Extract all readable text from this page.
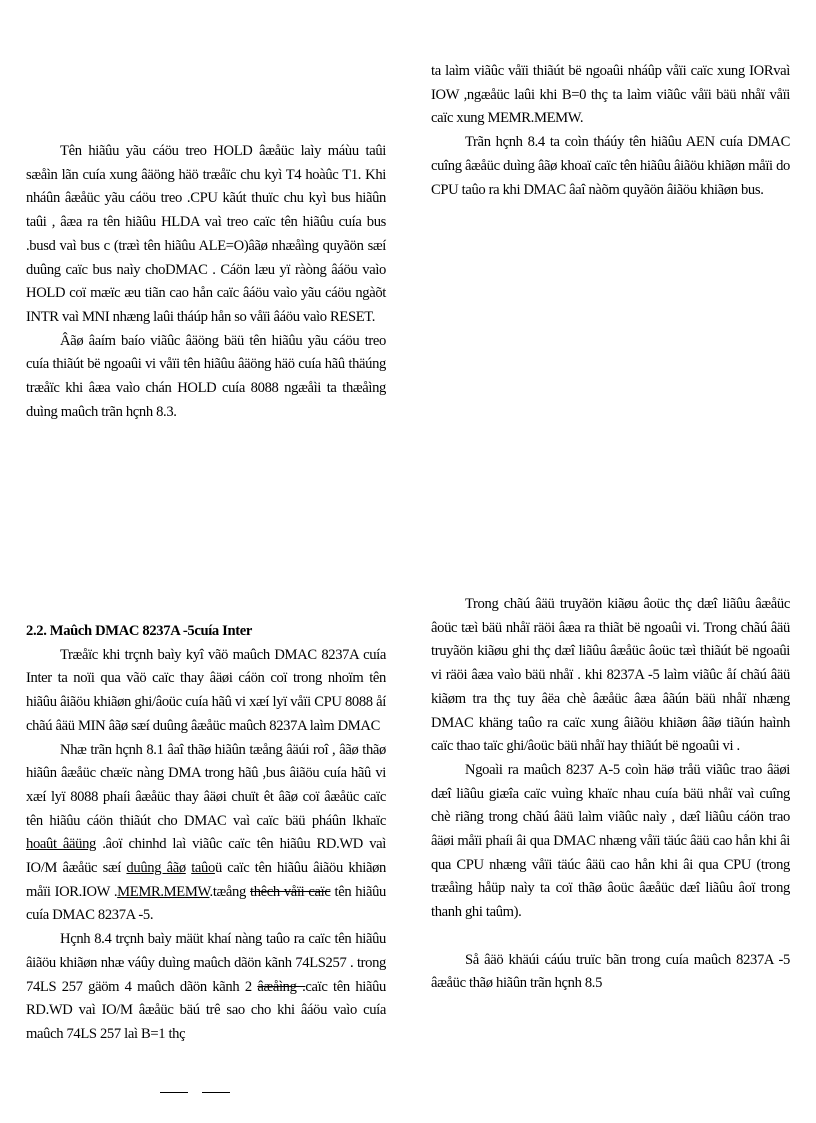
Tên hiãûu yãu cáöu treo HOLD âæåüc laìy máùu taûi sæåìn lãn cuía xung âäöng häö træåïc chu kyì T4 hoàûc T1. Khi nháûn âæåüc yãu cáöu treo .CPU kãút thuïc chu kyì bus hiãûn taûi , âæa ra tên hiãûu HLDA vaì treo caïc tên hiãûu cuía bus .busd vaì bus c (træì tên hiãûu ALE=O)âãø nhæåìng quyãön sæí duûng caïc bus naìy choDMAC . Cáön læu yï ràòng âáöu vaìo HOLD coï mæïc æu tiãn cao hån caïc âáöu vaìo yãu cáöu ngàõt INTR vaì MNI nhæng laûi tháúp hån so våïi âáöu vaìo RESET.

Âãø âaím baío viãûc âäöng bäü tên hiãûu yãu cáöu treo cuía thiãút bë ngoaûi vi våïi tên hiãûu âäöng häö cuía hãû thäúng træåïc khi âæa vaìo chán HOLD cuía 8088 ngæåìi ta thæåìng duìng maûch trãn hçnh 8.3.

ta laìm viãûc våïi thiãút bë ngoaûi nháûp våïi caïc xung IORvaì IOW ,ngæåüc laûi khi B=0 thç ta laìm viãûc våïi bäü nhåï våïi caïc xung MEMR.MEMW.

Trãn hçnh 8.4 ta coìn tháúy tên hiãûu AEN cuía DMAC cuîng âæåüc duìng âãø khoaï caïc tên hiãûu âiãöu khiãøn måïi do CPU taûo ra khi DMAC âaî nàõm quyãön âiãöu khiãøn bus.

2.2. Maûch DMAC 8237A -5cuía Inter

Træåïc khi trçnh baìy kyî vãö maûch DMAC 8237A cuía Inter ta noïi qua vãö caïc thay âäøi cáön coï trong nhoïm tên hiãûu âiãöu khiãøn ghi/âoüc cuía hãû vi xæí lyï våïi CPU 8088 åí chãú âäü MIN âãø sæí duûng âæåüc maûch 8237A laìm DMAC

Nhæ trãn hçnh 8.1 âaî thãø hiãûn tæång âäúi roî , âãø thãø hiãûn âæåüc chæïc nàng DMA trong hãû ,bus âiãöu cuía hãû vi xæí lyï 8088 phaíi âæåüc thay âäøi chuït êt âãø coï âæåüc caïc tên hiãûu cáön thiãút cho DMAC vaì caïc bäü pháûn lkhaïc hoaût âäüng .âoï chinhd laì viãûc caïc tên hiãûu RD.WD vaì IO/M âæåüc sæí duûng âãø taûoü caïc tên hiãûu âiãöu khiãøn måïi IOR.IOW .MEMR.MEMW.tæång thêch våïi caïc tên hiãûu cuía DMAC 8237A -5.

Hçnh 8.4 trçnh baìy mäüt khaí nàng taûo ra caïc tên hiãûu âiãöu khiãøn nhæ váûy duìng maûch dãön kãnh 74LS257 . trong 74LS 257 gäöm 4 maûch dãön kãnh 2 âæåìng .caïc tên hiãûu RD.WD vaì IO/M âæåüc bäú trê sao cho khi âáöu vaìo cuía maûch 74LS 257 laì B=1 thç

Trong chãú âäü truyãön kiãøu âoüc thç dæî liãûu âæåüc âoüc tæì bäü nhåï räöi âæa ra thiãt bë ngoaûi vi. Trong chãú âäü truyãön kiãøu ghi thç dæî liãûu âæåüc âoüc tæì thiãút bë ngoaûi vi räöi âæa vaìo bäü nhåï . khi 8237A -5 laìm viãûc åí chãú âäü kiãøm tra thç tuy âëa chè âæåüc âæa âãún bäü nhåï nhæng DMAC khäng taûo ra caïc xung âiãöu khiãøn âãø tiãún haình caïc thao taïc ghi/âoüc bäü nhåï hay thiãút bë ngoaûi vi .

Ngoaìi ra maûch 8237 A-5 coìn häø tråü viãûc trao âäøi dæî liãûu giæîa caïc vuìng khaïc nhau cuía bäü nhåï vaì cuîng chè riãng trong chãú âäü laìm viãûc naìy , dæî liãûu cáön trao âäøi måïi phaíi âi qua DMAC nhæng våïi täúc âäü cao hån khi âi qua CPU nhæng våïi täúc âäü cao hån khi âi qua CPU (trong træåìng håüp naìy ta coï thãø âoüc âæåüc dæî liãûu âoï trong thanh ghi taûm).

Så âäö khäúi cáúu truïc bãn trong cuía maûch 8237A -5 âæåüc thãø hiãûn trãn hçnh 8.5
